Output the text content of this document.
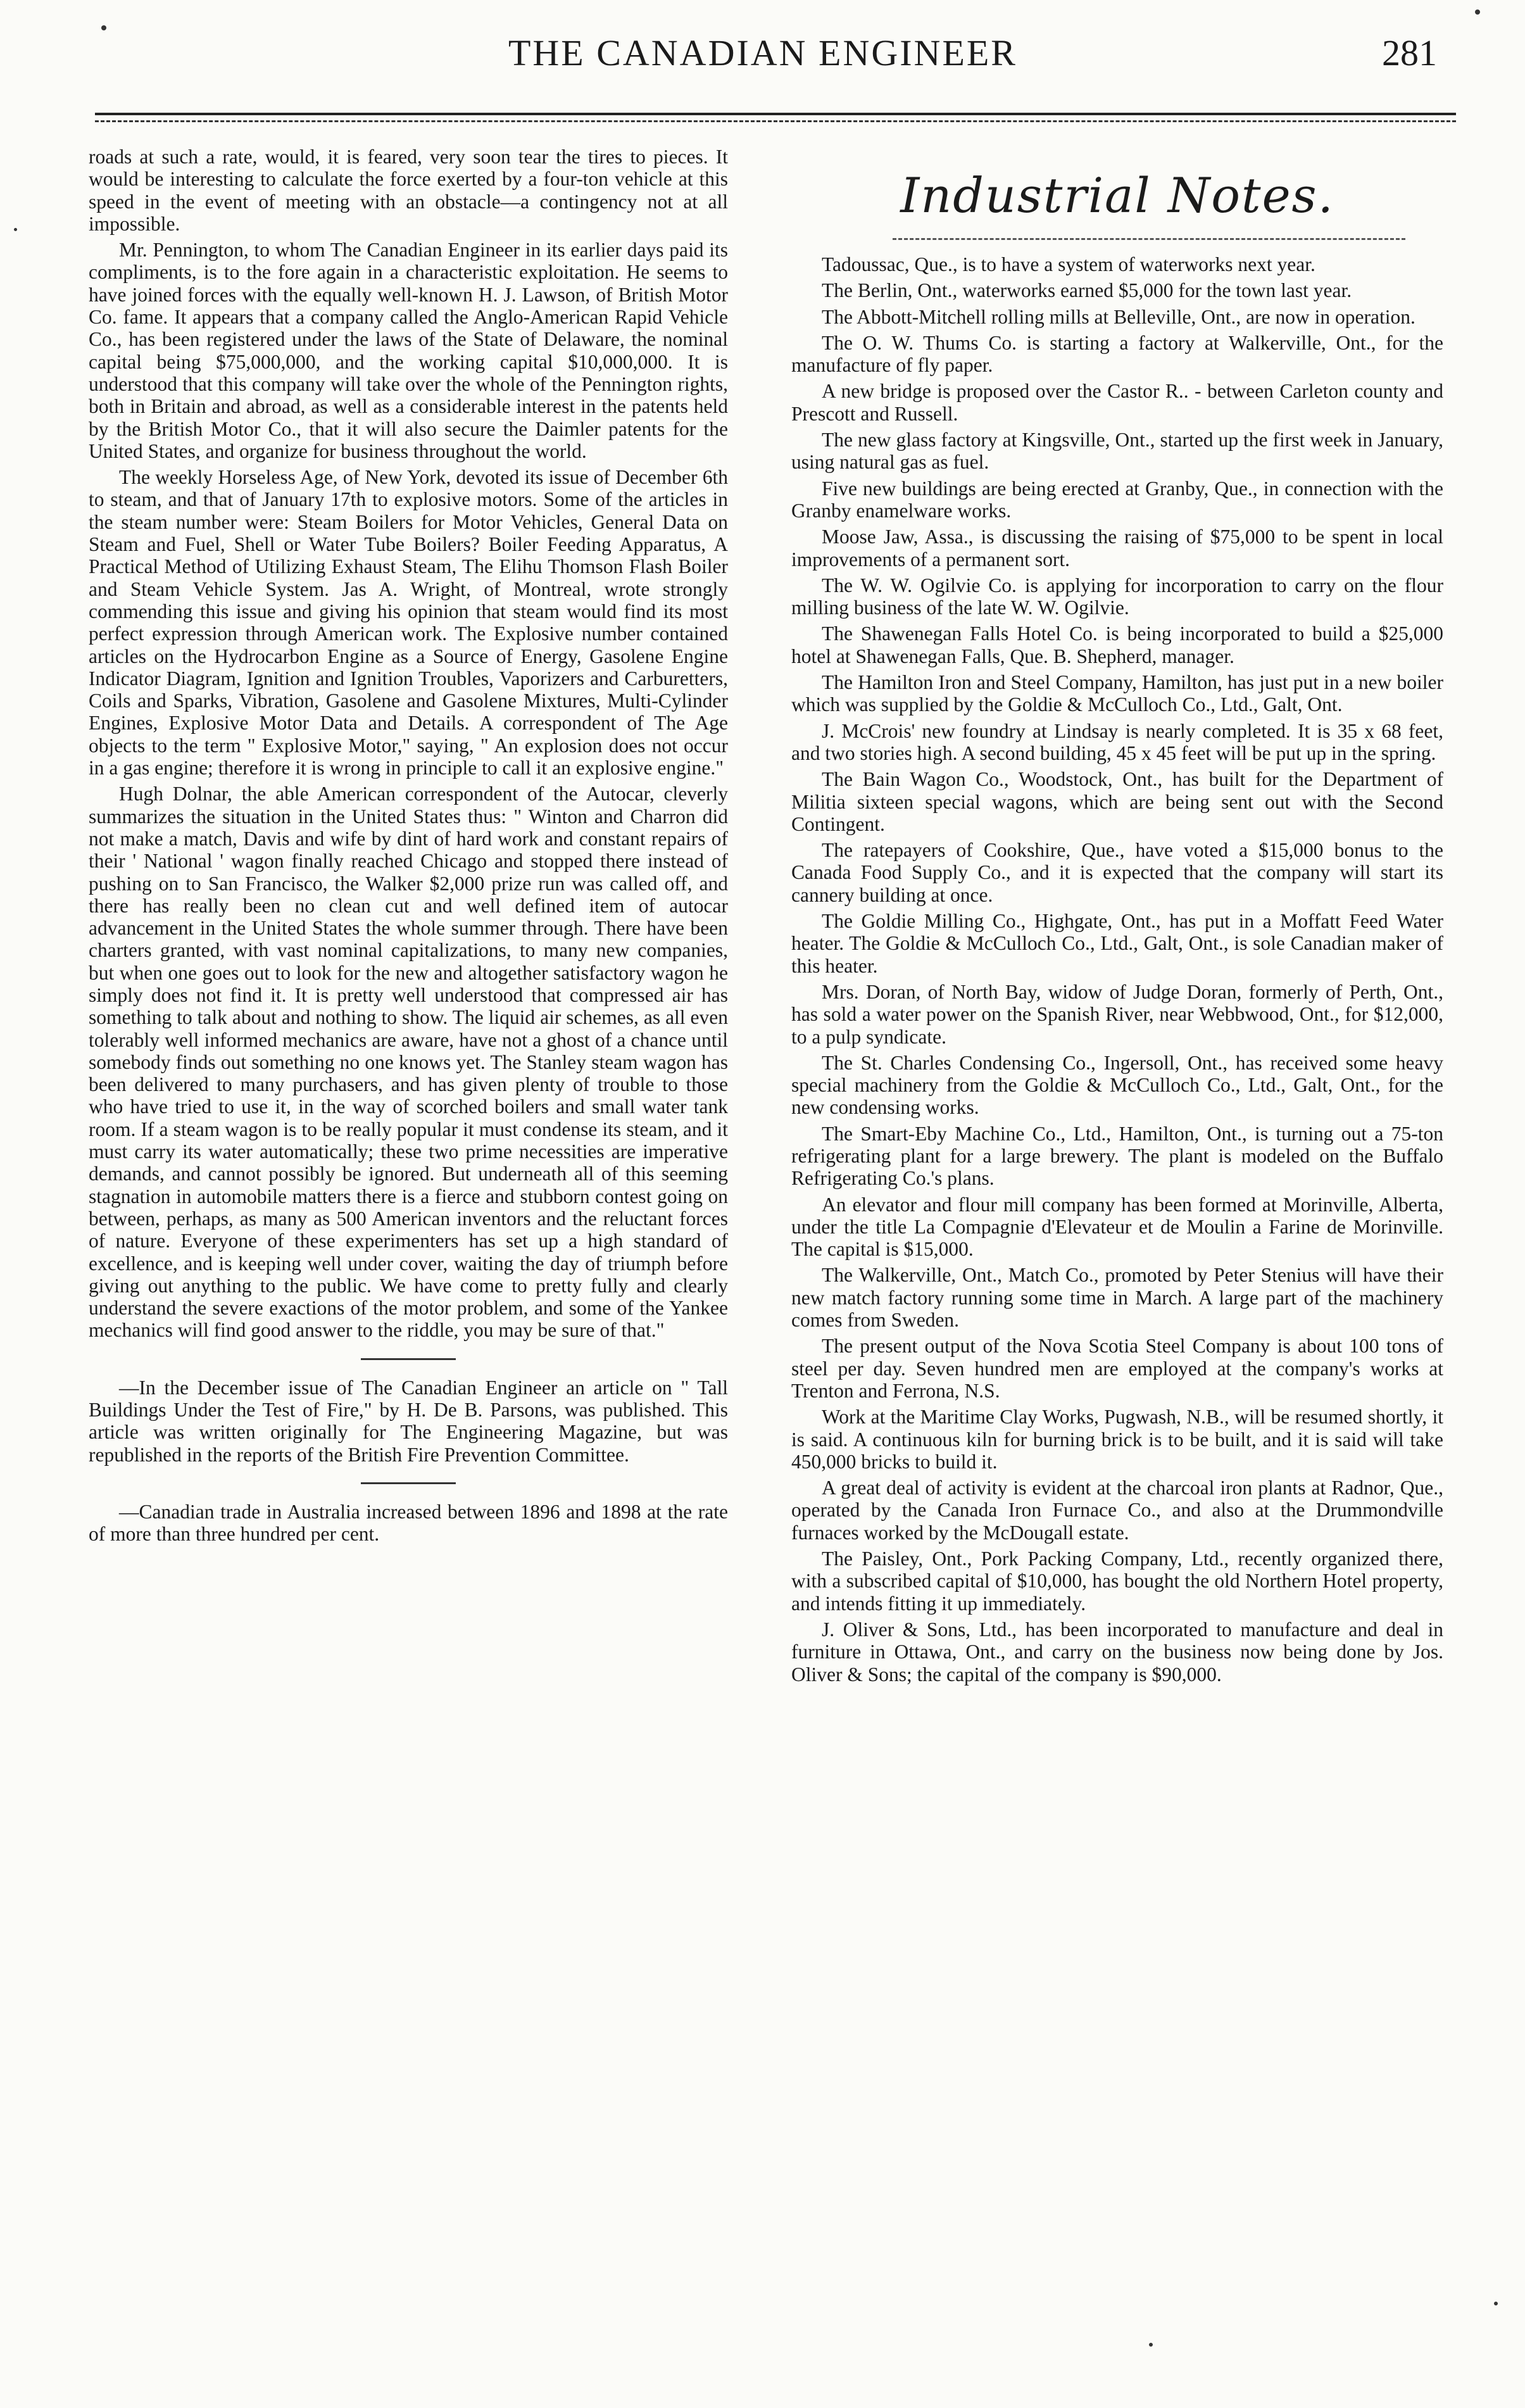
THE CANADIAN ENGINEER	281

roads at such a rate, would, it is feared, very soon tear the tires to pieces. It would be interesting to calculate the force exerted by a four-ton vehicle at this speed in the event of meeting with an obstacle—a contingency not at all impossible.

Mr. Pennington, to whom The Canadian Engineer in its earlier days paid its compliments, is to the fore again in a characteristic exploitation. He seems to have joined forces with the equally well-known H. J. Lawson, of British Motor Co. fame. It appears that a company called the Anglo-American Rapid Vehicle Co., has been registered under the laws of the State of Delaware, the nominal capital being $75,000,000, and the working capital $10,000,000. It is understood that this company will take over the whole of the Pennington rights, both in Britain and abroad, as well as a considerable interest in the patents held by the British Motor Co., that it will also secure the Daimler patents for the United States, and organize for business throughout the world.

The weekly Horseless Age, of New York, devoted its issue of December 6th to steam, and that of January 17th to explosive motors. Some of the articles in the steam number were: Steam Boilers for Motor Vehicles, General Data on Steam and Fuel, Shell or Water Tube Boilers? Boiler Feeding Apparatus, A Practical Method of Utilizing Exhaust Steam, The Elihu Thomson Flash Boiler and Steam Vehicle System. Jas A. Wright, of Montreal, wrote strongly commending this issue and giving his opinion that steam would find its most perfect expression through American work. The Explosive number contained articles on the Hydrocarbon Engine as a Source of Energy, Gasolene Engine Indicator Diagram, Ignition and Ignition Troubles, Vaporizers and Carburetters, Coils and Sparks, Vibration, Gasolene and Gasolene Mixtures, Multi-Cylinder Engines, Explosive Motor Data and Details. A correspondent of The Age objects to the term " Explosive Motor," saying, " An explosion does not occur in a gas engine; therefore it is wrong in principle to call it an explosive engine."

Hugh Dolnar, the able American correspondent of the Autocar, cleverly summarizes the situation in the United States thus: " Winton and Charron did not make a match, Davis and wife by dint of hard work and constant repairs of their ' National ' wagon finally reached Chicago and stopped there instead of pushing on to San Francisco, the Walker $2,000 prize run was called off, and there has really been no clean cut and well defined item of autocar advancement in the United States the whole summer through. There have been charters granted, with vast nominal capitalizations, to many new companies, but when one goes out to look for the new and altogether satisfactory wagon he simply does not find it. It is pretty well understood that compressed air has something to talk about and nothing to show. The liquid air schemes, as all even tolerably well informed mechanics are aware, have not a ghost of a chance until somebody finds out something no one knows yet. The Stanley steam wagon has been delivered to many purchasers, and has given plenty of trouble to those who have tried to use it, in the way of scorched boilers and small water tank room. If a steam wagon is to be really popular it must condense its steam, and it must carry its water automatically; these two prime necessities are imperative demands, and cannot possibly be ignored. But underneath all of this seeming stagnation in automobile matters there is a fierce and stubborn contest going on between, perhaps, as many as 500 American inventors and the reluctant forces of nature. Everyone of these experimenters has set up a high standard of excellence, and is keeping well under cover, waiting the day of triumph before giving out anything to the public. We have come to pretty fully and clearly understand the severe exactions of the motor problem, and some of the Yankee mechanics will find good answer to the riddle, you may be sure of that."

—In the December issue of The Canadian Engineer an article on " Tall Buildings Under the Test of Fire," by H. De B. Parsons, was published. This article was written originally for The Engineering Magazine, but was republished in the reports of the British Fire Prevention Committee.

—Canadian trade in Australia increased between 1896 and 1898 at the rate of more than three hundred per cent.

Industrial Notes.

Tadoussac, Que., is to have a system of waterworks next year.

The Berlin, Ont., waterworks earned $5,000 for the town last year.

The Abbott-Mitchell rolling mills at Belleville, Ont., are now in operation.

The O. W. Thums Co. is starting a factory at Walkerville, Ont., for the manufacture of fly paper.

A new bridge is proposed over the Castor R.. - between Carleton county and Prescott and Russell.

The new glass factory at Kingsville, Ont., started up the first week in January, using natural gas as fuel.

Five new buildings are being erected at Granby, Que., in connection with the Granby enamelware works.

Moose Jaw, Assa., is discussing the raising of $75,000 to be spent in local improvements of a permanent sort.

The W. W. Ogilvie Co. is applying for incorporation to carry on the flour milling business of the late W. W. Ogilvie.

The Shawenegan Falls Hotel Co. is being incorporated to build a $25,000 hotel at Shawenegan Falls, Que. B. Shepherd, manager.

The Hamilton Iron and Steel Company, Hamilton, has just put in a new boiler which was supplied by the Goldie & McCulloch Co., Ltd., Galt, Ont.

J. McCrois' new foundry at Lindsay is nearly completed. It is 35 x 68 feet, and two stories high. A second building, 45 x 45 feet will be put up in the spring.

The Bain Wagon Co., Woodstock, Ont., has built for the Department of Militia sixteen special wagons, which are being sent out with the Second Contingent.

The ratepayers of Cookshire, Que., have voted a $15,000 bonus to the Canada Food Supply Co., and it is expected that the company will start its cannery building at once.

The Goldie Milling Co., Highgate, Ont., has put in a Moffatt Feed Water heater. The Goldie & McCulloch Co., Ltd., Galt, Ont., is sole Canadian maker of this heater.

Mrs. Doran, of North Bay, widow of Judge Doran, formerly of Perth, Ont., has sold a water power on the Spanish River, near Webbwood, Ont., for $12,000, to a pulp syndicate.

The St. Charles Condensing Co., Ingersoll, Ont., has received some heavy special machinery from the Goldie & McCulloch Co., Ltd., Galt, Ont., for the new condensing works.

The Smart-Eby Machine Co., Ltd., Hamilton, Ont., is turning out a 75-ton refrigerating plant for a large brewery. The plant is modeled on the Buffalo Refrigerating Co.'s plans.

An elevator and flour mill company has been formed at Morinville, Alberta, under the title La Compagnie d'Elevateur et de Moulin a Farine de Morinville. The capital is $15,000.

The Walkerville, Ont., Match Co., promoted by Peter Stenius will have their new match factory running some time in March. A large part of the machinery comes from Sweden.

The present output of the Nova Scotia Steel Company is about 100 tons of steel per day. Seven hundred men are employed at the company's works at Trenton and Ferrona, N.S.

Work at the Maritime Clay Works, Pugwash, N.B., will be resumed shortly, it is said. A continuous kiln for burning brick is to be built, and it is said will take 450,000 bricks to build it.

A great deal of activity is evident at the charcoal iron plants at Radnor, Que., operated by the Canada Iron Furnace Co., and also at the Drummondville furnaces worked by the McDougall estate.

The Paisley, Ont., Pork Packing Company, Ltd., recently organized there, with a subscribed capital of $10,000, has bought the old Northern Hotel property, and intends fitting it up immediately.

J. Oliver & Sons, Ltd., has been incorporated to manufacture and deal in furniture in Ottawa, Ont., and carry on the business now being done by Jos. Oliver & Sons; the capital of the company is $90,000.
